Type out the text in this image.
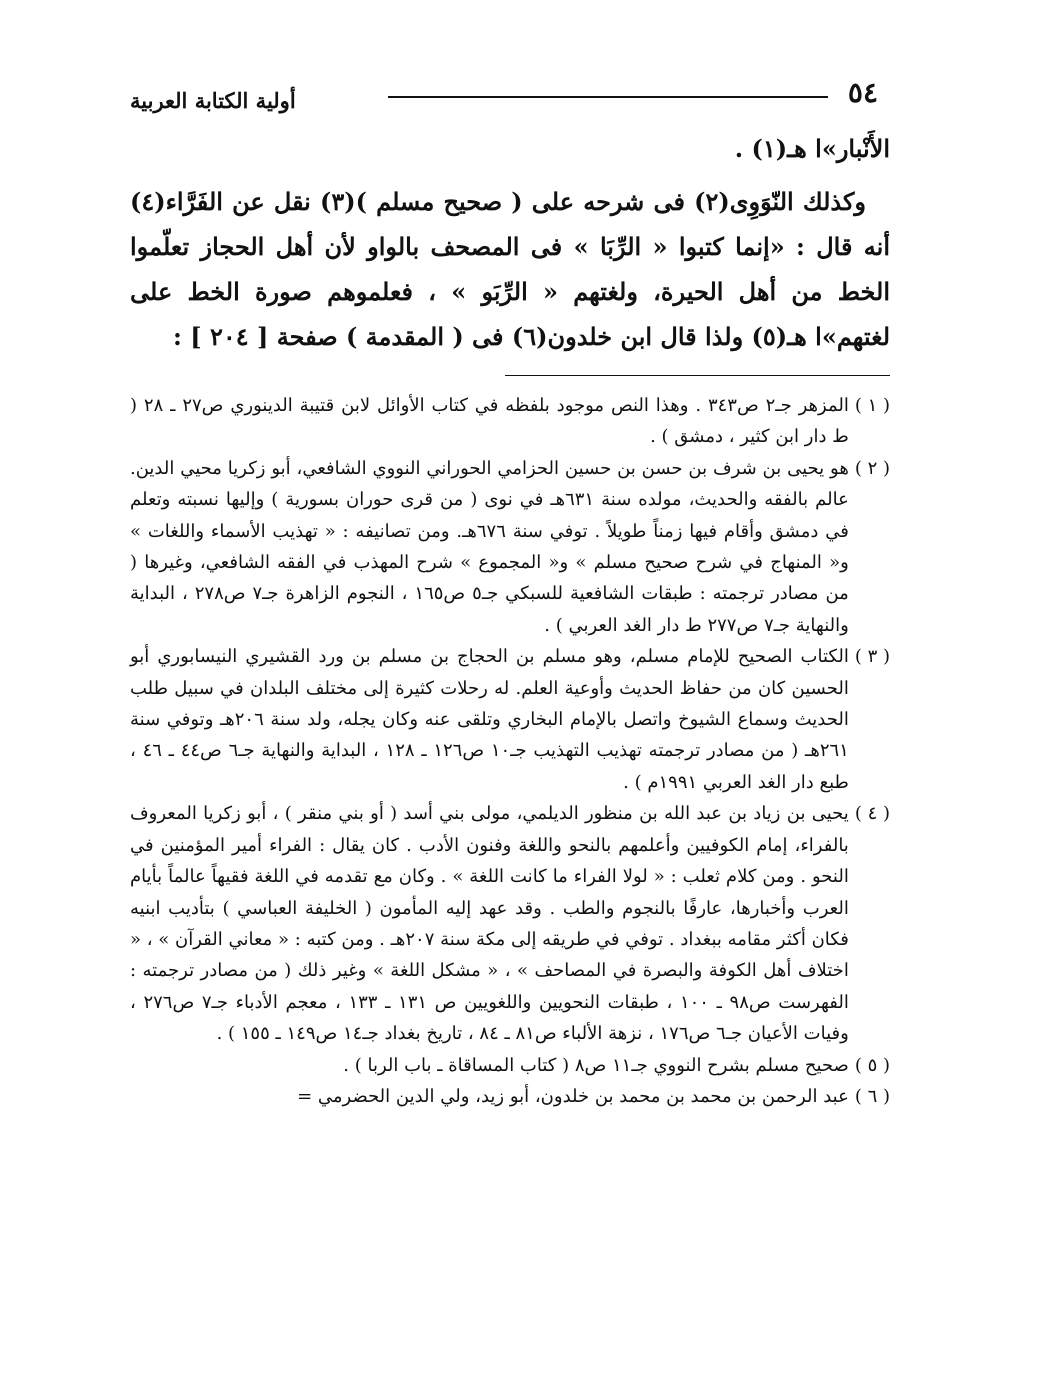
٥٤
أولية الكتابة العربية

الأَنْبار»ا هـ(١) .

وكذلك النّوَوِى(٢) فى شرحه على ( صحيح مسلم )(٣) نقل عن الفَرَّاء(٤) أنه قال : «إنما كتبوا « الرِّبَا » فى المصحف بالواو لأن أهل الحجاز تعلّموا الخط من أهل الحيرة، ولغتهم « الرِّبَو » ، فعلموهم صورة الخط على لغتهم»ا هـ(٥) ولذا قال ابن خلدون(٦) فى ( المقدمة ) صفحة [ ٢٠٤ ] :

( ١ )
المزهر جـ٢ ص٣٤٣ . وهذا النص موجود بلفظه في كتاب الأوائل لابن قتيبة الدينوري ص٢٧ ـ ٢٨ ( ط دار ابن كثير ، دمشق ) .
( ٢ )
هو يحيى بن شرف بن حسن بن حسين الحزامي الحوراني النووي الشافعي، أبو زكريا محيي الدين. عالم بالفقه والحديث، مولده سنة ٦٣١هـ في نوى ( من قرى حوران بسورية ) وإليها نسبته وتعلم في دمشق وأقام فيها زمناً طويلاً . توفي سنة ٦٧٦هـ. ومن تصانيفه : « تهذيب الأسماء واللغات » و« المنهاج في شرح صحيح مسلم » و« المجموع » شرح المهذب في الفقه الشافعي، وغيرها ( من مصادر ترجمته : طبقات الشافعية للسبكي جـ٥ ص١٦٥ ، النجوم الزاهرة جـ٧ ص٢٧٨ ، البداية والنهاية جـ٧ ص٢٧٧ ط دار الغد العربي ) .
( ٣ )
الكتاب الصحيح للإمام مسلم، وهو مسلم بن الحجاج بن مسلم بن ورد القشيري النيسابوري أبو الحسين كان من حفاظ الحديث وأوعية العلم. له رحلات كثيرة إلى مختلف البلدان في سبيل طلب الحديث وسماع الشيوخ واتصل بالإمام البخاري وتلقى عنه وكان يجله، ولد سنة ٢٠٦هـ وتوفي سنة ٢٦١هـ ( من مصادر ترجمته تهذيب التهذيب جـ١٠ ص١٢٦ ـ ١٢٨ ، البداية والنهاية جـ٦ ص٤٤ ـ ٤٦ ، طبع دار الغد العربي ١٩٩١م ) .
( ٤ )
يحيى بن زياد بن عبد الله بن منظور الديلمي، مولى بني أسد ( أو بني منقر ) ، أبو زكريا المعروف بالفراء، إمام الكوفيين وأعلمهم بالنحو واللغة وفنون الأدب . كان يقال : الفراء أمير المؤمنين في النحو . ومن كلام ثعلب : « لولا الفراء ما كانت اللغة » . وكان مع تقدمه في اللغة فقيهاً عالماً بأيام العرب وأخبارها، عارفًا بالنجوم والطب . وقد عهد إليه المأمون ( الخليفة العباسي ) بتأديب ابنيه فكان أكثر مقامه ببغداد . توفي في طريقه إلى مكة سنة ٢٠٧هـ . ومن كتبه : « معاني القرآن » ، « اختلاف أهل الكوفة والبصرة في المصاحف » ، « مشكل اللغة » وغير ذلك ( من مصادر ترجمته : الفهرست ص٩٨ ـ ١٠٠ ، طبقات النحويين واللغويين ص ١٣١ ـ ١٣٣ ، معجم الأدباء جـ٧ ص٢٧٦ ، وفيات الأعيان جـ٦ ص١٧٦ ، نزهة الألباء ص٨١ ـ ٨٤ ، تاريخ بغداد جـ١٤ ص١٤٩ ـ ١٥٥ ) .
( ٥ )
صحيح مسلم بشرح النووي جـ١١ ص٨ ( كتاب المساقاة ـ باب الربا ) .
( ٦ )
عبد الرحمن بن محمد بن محمد بن خلدون، أبو زيد، ولي الدين الحضرمي =
